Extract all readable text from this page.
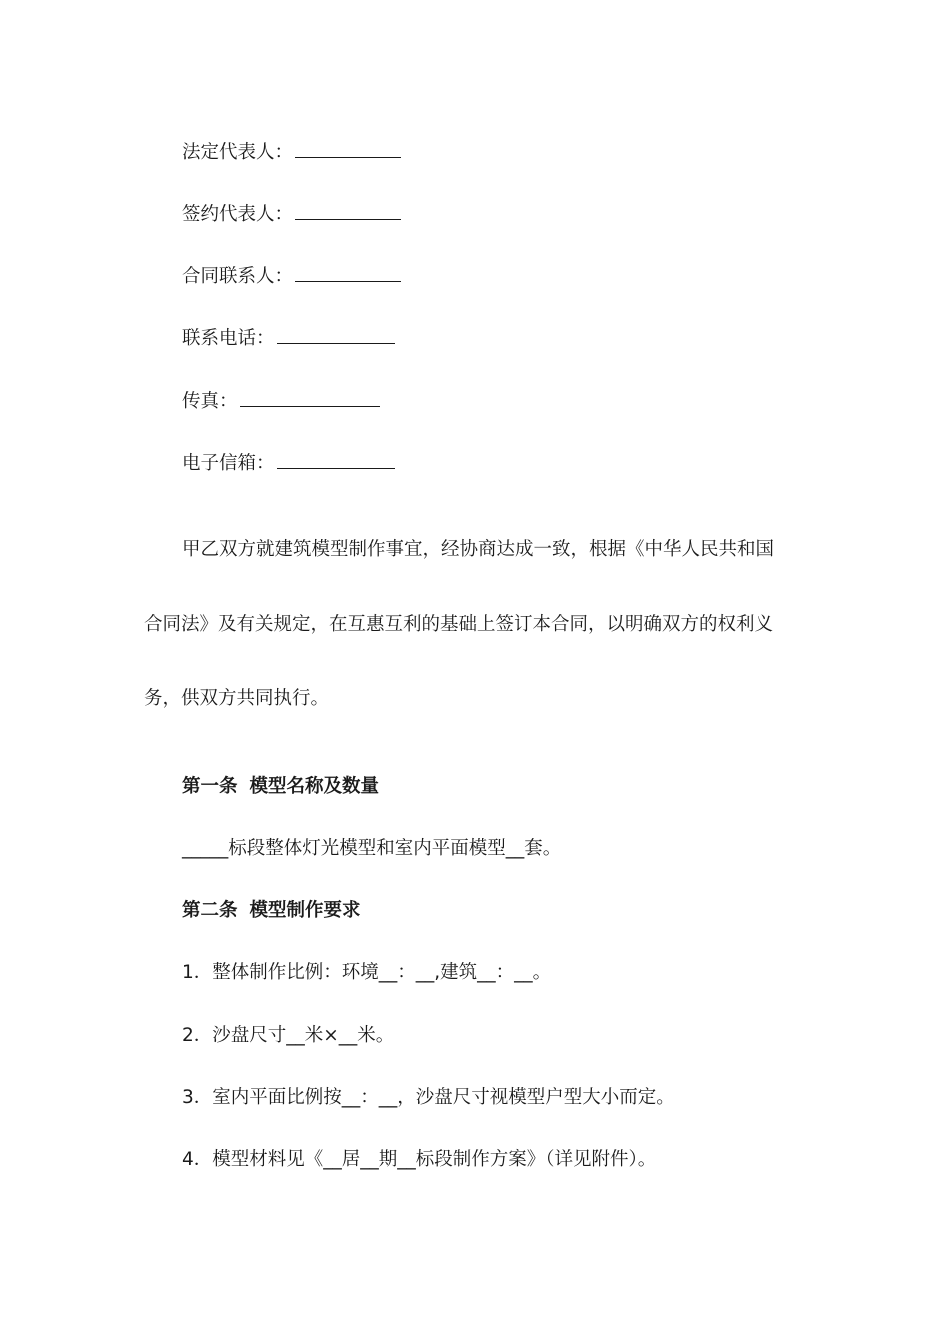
法定代表人：
签约代表人：
合同联系人：
联系电话：
传真：
电子信箱：
甲乙双方就建筑模型制作事宜，经协商达成一致，根据《中华人民共和国
合同法》及有关规定，在互惠互利的基础上签订本合同，以明确双方的权利义
务，供双方共同执行。
第一条 模型名称及数量
_____标段整体灯光模型和室内平面模型__套。
第二条 模型制作要求
1．整体制作比例：环境__：__,建筑__：__。
2．沙盘尺寸__米×__米。
3．室内平面比例按__：__，沙盘尺寸视模型户型大小而定。
4．模型材料见《__居__期__标段制作方案》（详见附件）。
